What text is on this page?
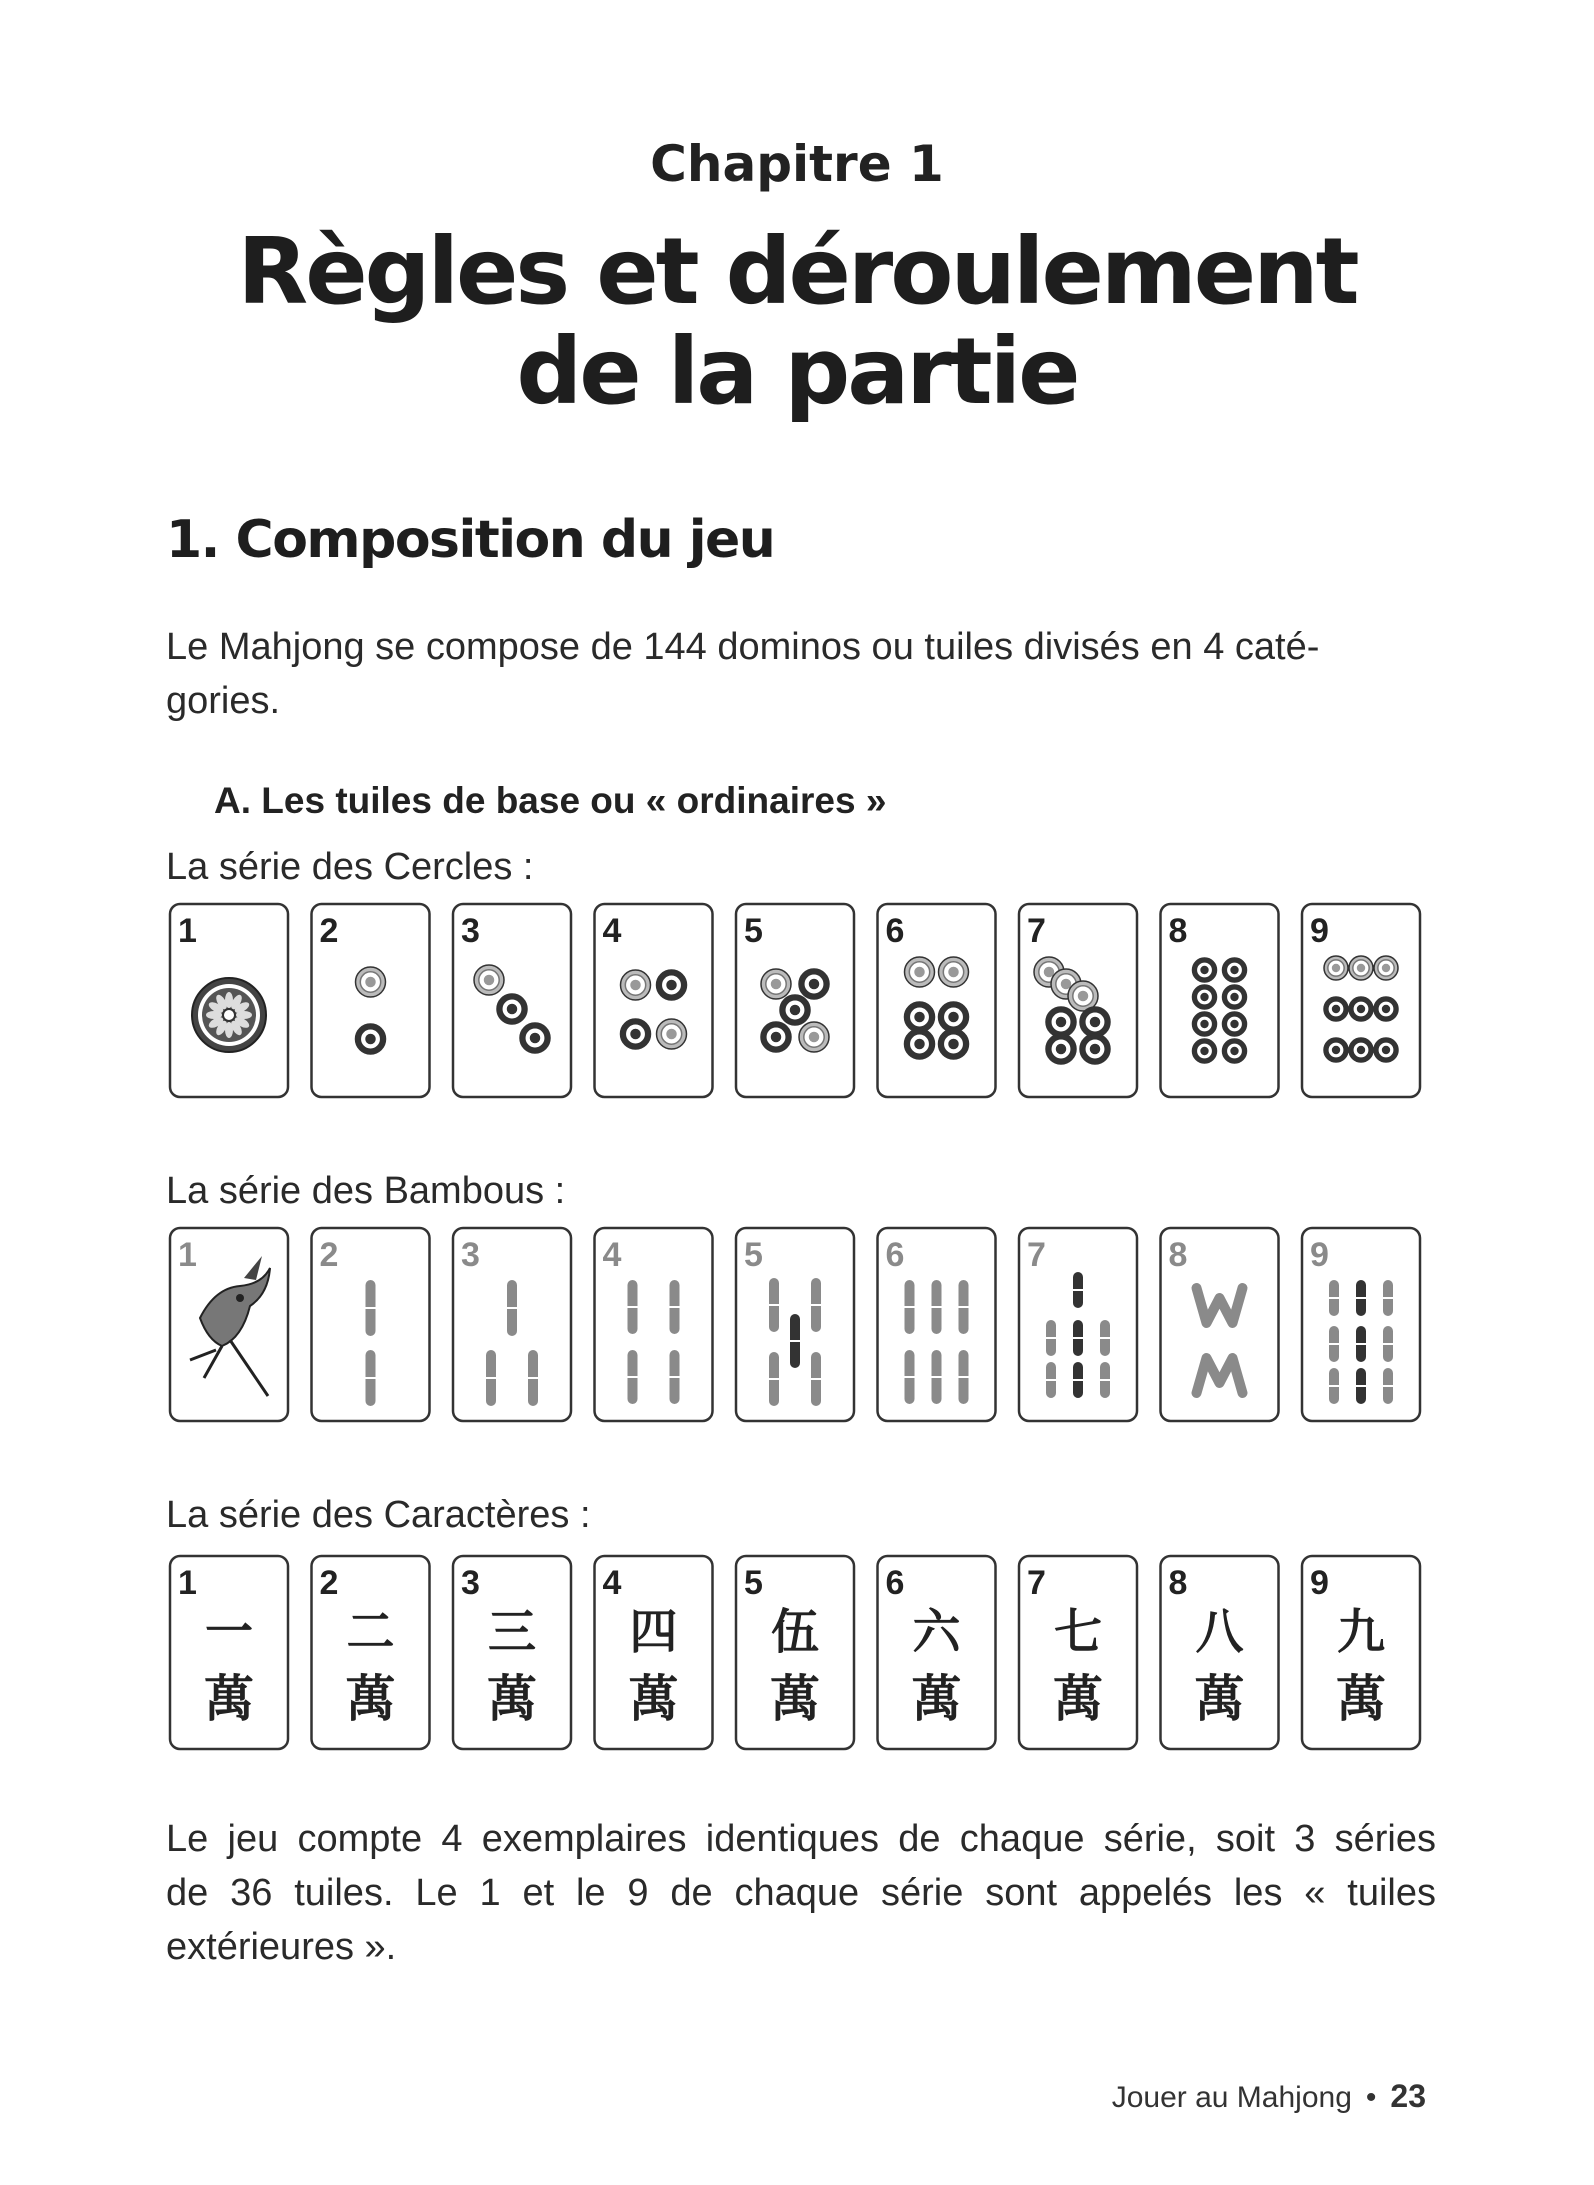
Chapitre 1
Règles et déroulement
de la partie
1. Composition du jeu
Le Mahjong se compose de 144 dominos ou tuiles divisés en 4 caté-
gories.
A. Les tuiles de base ou « ordinaires »
La série des Cercles :
1	2	3	4	5	6	7	8	9
La série des Bambous :
1	2	3	4	5	6	7	8	9
La série des Caractères :
1
一
萬
2
二
萬
3
三
萬
4
四
萬
5
伍
萬
6
六
萬
7
七
萬
8
八
萬
9
九
萬
Le jeu compte 4 exemplaires identiques de chaque série, soit 3 séries
de 36 tuiles. Le 1 et le 9 de chaque série sont appelés les « tuiles
extérieures ».
Jouer au Mahjong • 23
